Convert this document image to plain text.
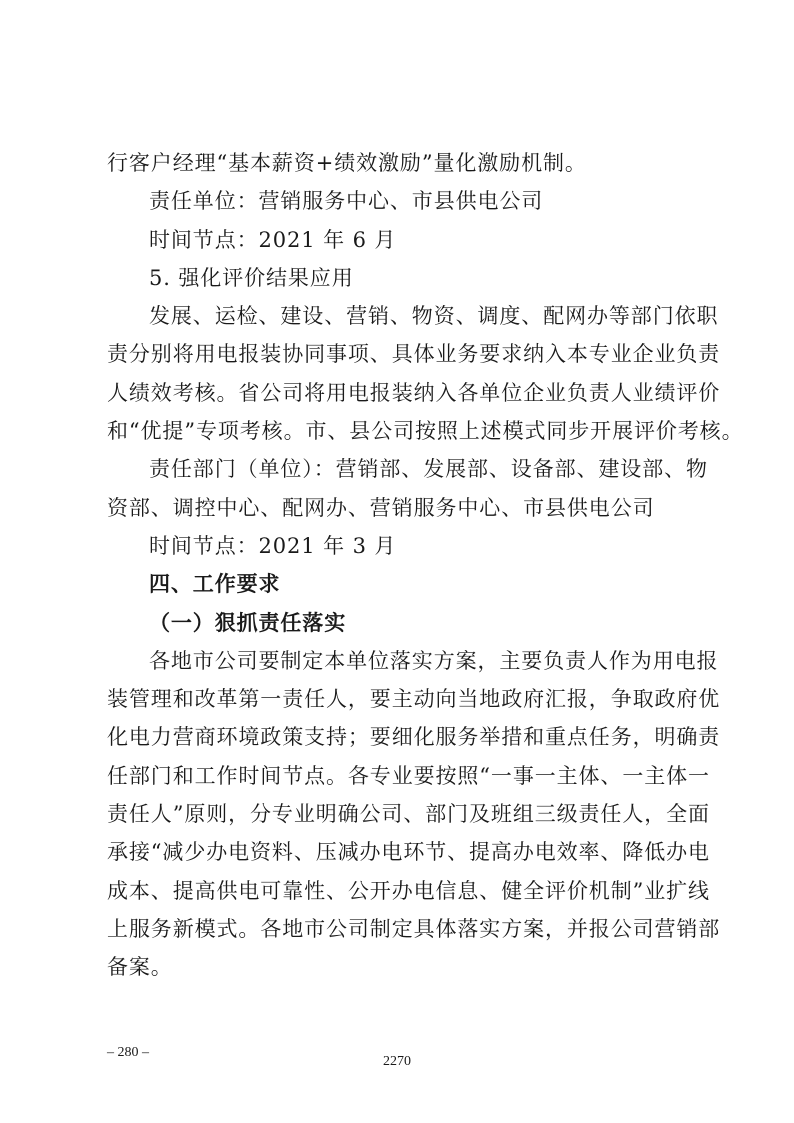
行客户经理“基本薪资+绩效激励”量化激励机制。
责任单位：营销服务中心、市县供电公司
时间节点：2021 年 6 月
5. 强化评价结果应用
发展、运检、建设、营销、物资、调度、配网办等部门依职
责分别将用电报装协同事项、具体业务要求纳入本专业企业负责
人绩效考核。省公司将用电报装纳入各单位企业负责人业绩评价
和“优提”专项考核。市、县公司按照上述模式同步开展评价考核。
责任部门（单位）：营销部、发展部、设备部、建设部、物
资部、调控中心、配网办、营销服务中心、市县供电公司
时间节点：2021 年 3 月
四、工作要求
（一）狠抓责任落实
各地市公司要制定本单位落实方案，主要负责人作为用电报
装管理和改革第一责任人，要主动向当地政府汇报，争取政府优
化电力营商环境政策支持；要细化服务举措和重点任务，明确责
任部门和工作时间节点。各专业要按照“一事一主体、一主体一
责任人”原则，分专业明确公司、部门及班组三级责任人，全面
承接“减少办电资料、压减办电环节、提高办电效率、降低办电
成本、提高供电可靠性、公开办电信息、健全评价机制”业扩线
上服务新模式。各地市公司制定具体落实方案，并报公司营销部
备案。
– 280 –
2270
